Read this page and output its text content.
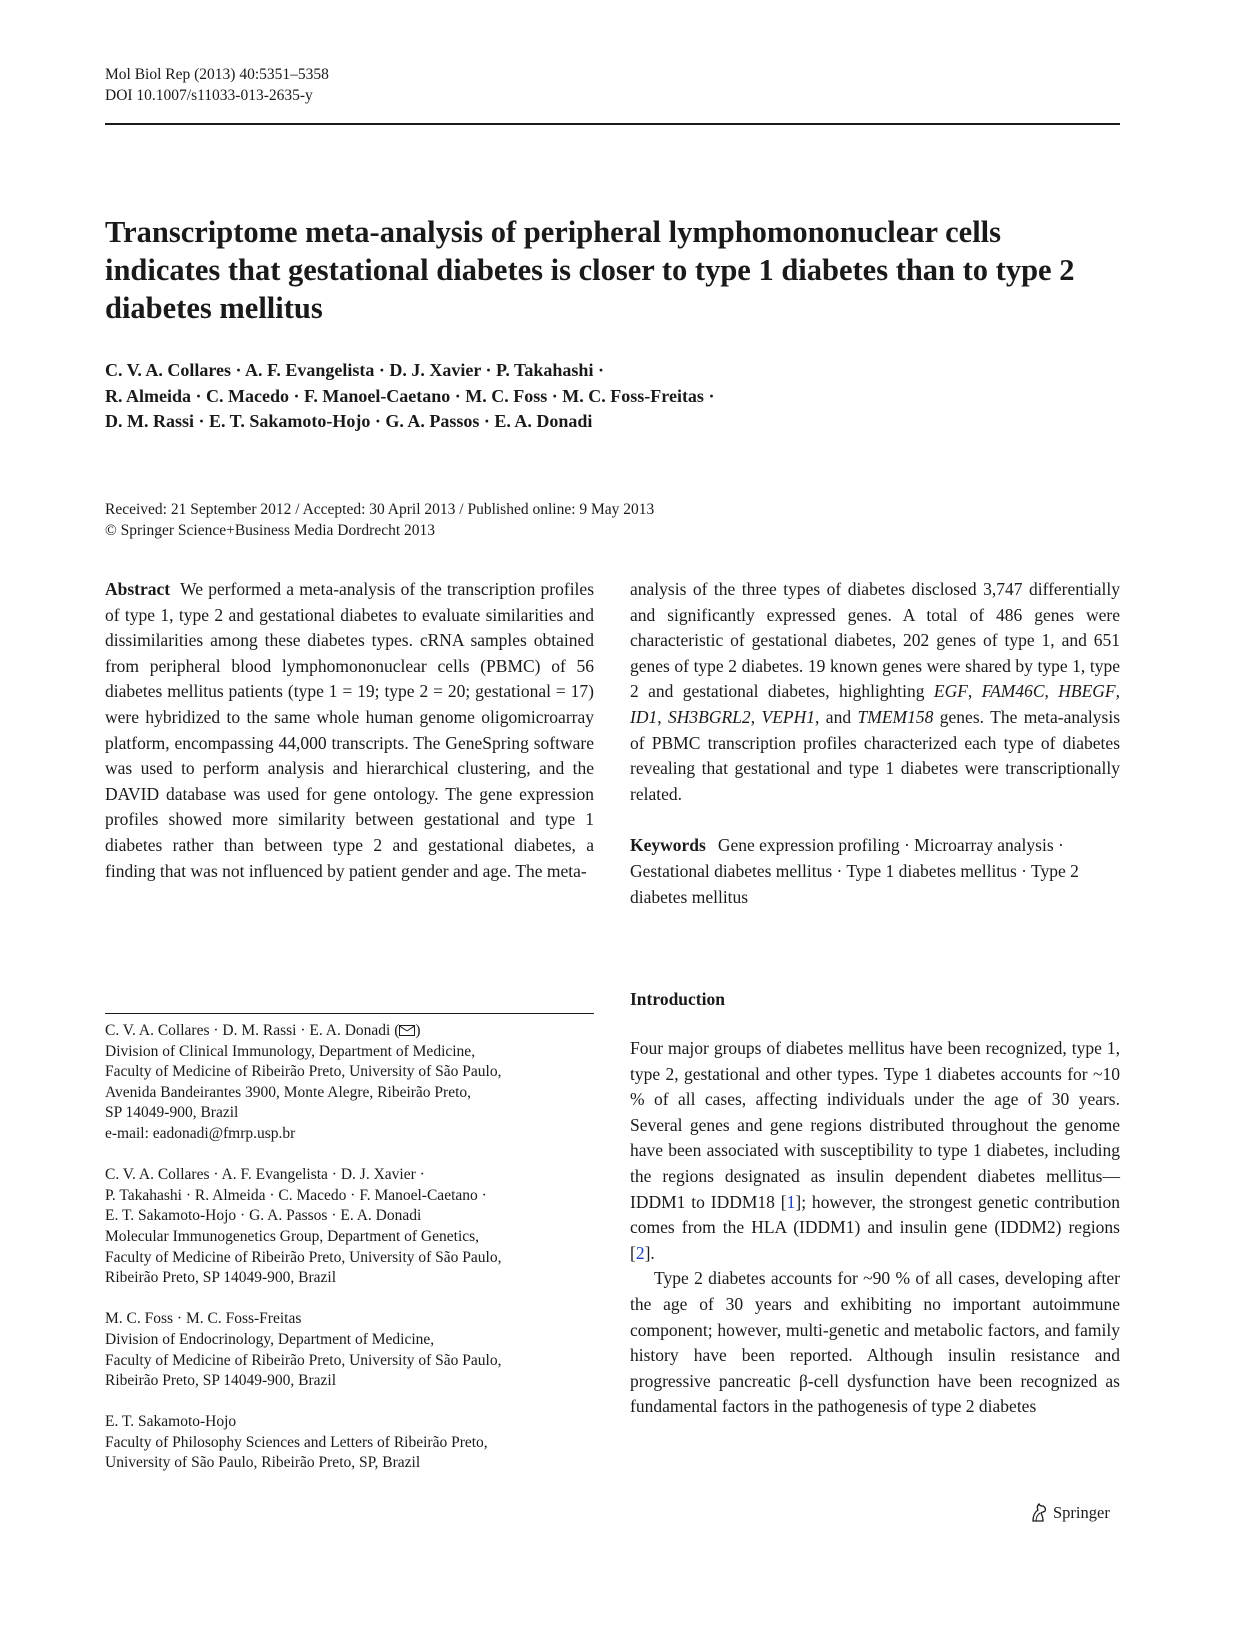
Mol Biol Rep (2013) 40:5351–5358
DOI 10.1007/s11033-013-2635-y
Transcriptome meta-analysis of peripheral lymphomononuclear cells indicates that gestational diabetes is closer to type 1 diabetes than to type 2 diabetes mellitus
C. V. A. Collares · A. F. Evangelista · D. J. Xavier · P. Takahashi ·
R. Almeida · C. Macedo · F. Manoel-Caetano · M. C. Foss · M. C. Foss-Freitas ·
D. M. Rassi · E. T. Sakamoto-Hojo · G. A. Passos · E. A. Donadi
Received: 21 September 2012 / Accepted: 30 April 2013 / Published online: 9 May 2013
© Springer Science+Business Media Dordrecht 2013

Abstract We performed a meta-analysis of the transcription profiles of type 1, type 2 and gestational diabetes to evaluate similarities and dissimilarities among these diabetes types. cRNA samples obtained from peripheral blood lymphomononuclear cells (PBMC) of 56 diabetes mellitus patients (type 1 = 19; type 2 = 20; gestational = 17) were hybridized to the same whole human genome oligomicroarray platform, encompassing 44,000 transcripts. The GeneSpring software was used to perform analysis and hierarchical clustering, and the DAVID database was used for gene ontology. The gene expression profiles showed more similarity between gestational and type 1 diabetes rather than between type 2 and gestational diabetes, a finding that was not influenced by patient gender and age. The meta-

analysis of the three types of diabetes disclosed 3,747 differentially and significantly expressed genes. A total of 486 genes were characteristic of gestational diabetes, 202 genes of type 1, and 651 genes of type 2 diabetes. 19 known genes were shared by type 1, type 2 and gestational diabetes, highlighting EGF, FAM46C, HBEGF, ID1, SH3BGRL2, VEPH1, and TMEM158 genes. The meta-analysis of PBMC transcription profiles characterized each type of diabetes revealing that gestational and type 1 diabetes were transcriptionally related.

Keywords Gene expression profiling · Microarray analysis · Gestational diabetes mellitus · Type 1 diabetes mellitus · Type 2 diabetes mellitus

Introduction

Four major groups of diabetes mellitus have been recognized, type 1, type 2, gestational and other types. Type 1 diabetes accounts for ~10 % of all cases, affecting individuals under the age of 30 years. Several genes and gene regions distributed throughout the genome have been associated with susceptibility to type 1 diabetes, including the regions designated as insulin dependent diabetes mellitus—IDDM1 to IDDM18 [1]; however, the strongest genetic contribution comes from the HLA (IDDM1) and insulin gene (IDDM2) regions [2].

Type 2 diabetes accounts for ~90 % of all cases, developing after the age of 30 years and exhibiting no important autoimmune component; however, multi-genetic and metabolic factors, and family history have been reported. Although insulin resistance and progressive pancreatic β-cell dysfunction have been recognized as fundamental factors in the pathogenesis of type 2 diabetes

C. V. A. Collares · D. M. Rassi · E. A. Donadi ( )
Division of Clinical Immunology, Department of Medicine,
Faculty of Medicine of Ribeirão Preto, University of São Paulo,
Avenida Bandeirantes 3900, Monte Alegre, Ribeirão Preto,
SP 14049-900, Brazil
e-mail: eadonadi@fmrp.usp.br
C. V. A. Collares · A. F. Evangelista · D. J. Xavier ·
P. Takahashi · R. Almeida · C. Macedo · F. Manoel-Caetano ·
E. T. Sakamoto-Hojo · G. A. Passos · E. A. Donadi
Molecular Immunogenetics Group, Department of Genetics,
Faculty of Medicine of Ribeirão Preto, University of São Paulo,
Ribeirão Preto, SP 14049-900, Brazil
M. C. Foss · M. C. Foss-Freitas
Division of Endocrinology, Department of Medicine,
Faculty of Medicine of Ribeirão Preto, University of São Paulo,
Ribeirão Preto, SP 14049-900, Brazil
E. T. Sakamoto-Hojo
Faculty of Philosophy Sciences and Letters of Ribeirão Preto,
University of São Paulo, Ribeirão Preto, SP, Brazil
Springer
